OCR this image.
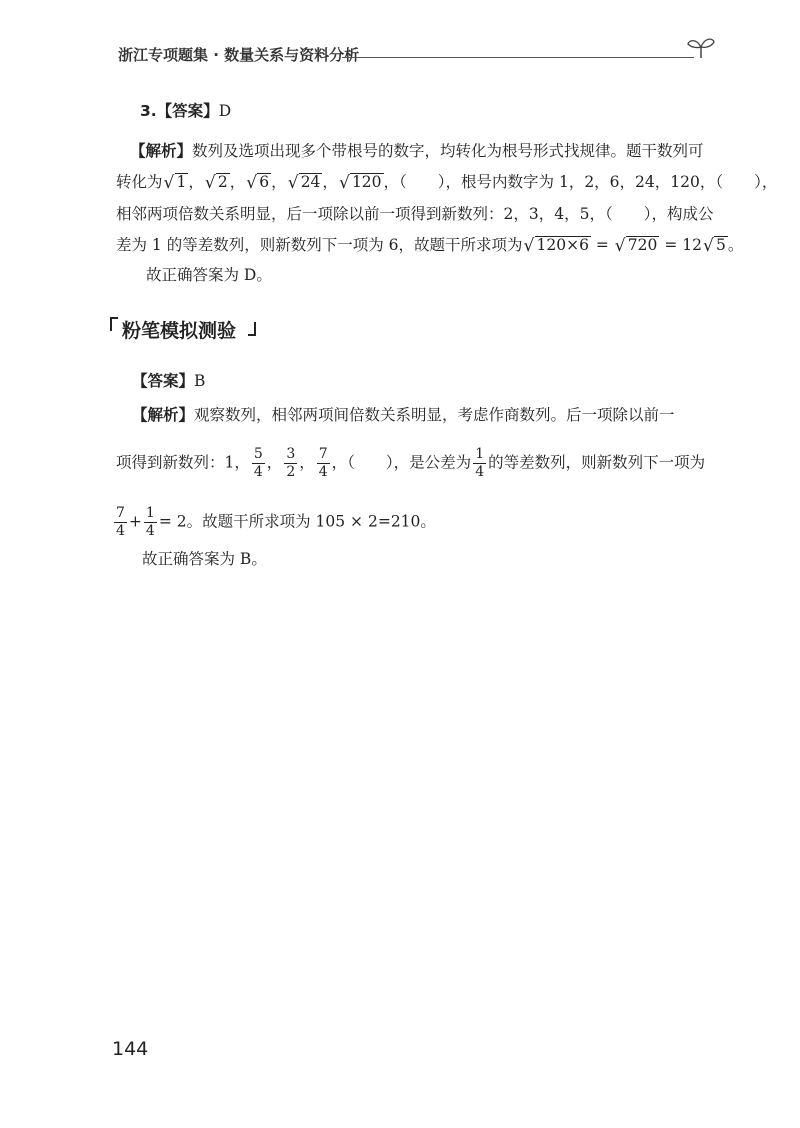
浙江专项题集 · 数量关系与资料分析
3.【答案】D
【解析】数列及选项出现多个带根号的数字，均转化为根号形式找规律。题干数列可
转化为 √ 1 ， √ 2 ， √ 6 ， √ 24 ， √ 120 ，（　　），根号内数字为 1，2，6，24，120，（　　），
相邻两项倍数关系明显，后一项除以前一项得到新数列：2，3，4，5，（　　），构成公
差为 1 的等差数列，则新数列下一项为 6，故题干所求项为 √ 120×6 = √ 720 = 12 √ 5 。
故正确答案为 D。
粉笔模拟测验
【答案】B
【解析】观察数列，相邻两项间倍数关系明显，考虑作商数列。后一项除以前一
项得到新数列：1， $\frac{5}{4}$ ， $\frac{3}{2}$ ， $\frac{7}{4}$ ，（　　），是公差为 $\frac{1}{4}$ 的等差数列，则新数列下一项为
$\frac{7}{4} + \frac{1}{4} = 2$。故题干所求项为 105 × 2=210。
故正确答案为 B。
144
